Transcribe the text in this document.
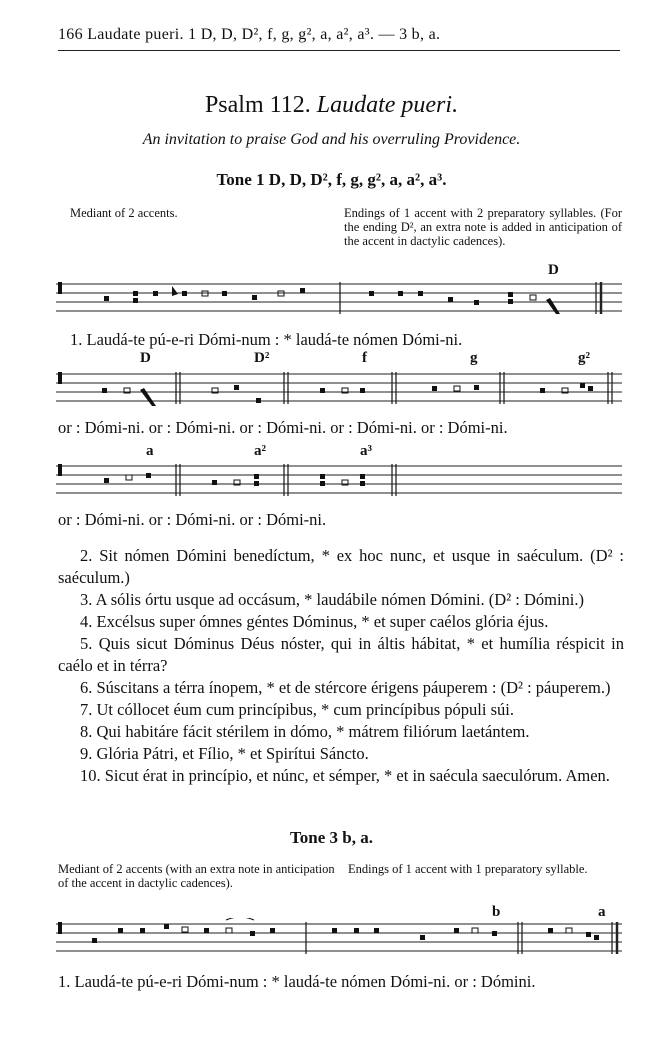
166 Laudate pueri. 1 D, D, D², f, g, g², a, a², a³. — 3 b, a.
Psalm 112. Laudate pueri.
An invitation to praise God and his overruling Providence.
Tone 1 D, D, D², f, g, g², a, a², a³.
Mediant of 2 accents.	Endings of 1 accent with 2 preparatory syllables. (For the ending D², an extra note is added in anticipation of the accent in dactylic cadences).
D
1. Laudá-te pú-e-ri Dómi-num : * laudá-te nómen Dómi-ni.
D	D²	f	g	g²
or : Dómi-ni. or : Dómi-ni. or : Dómi-ni. or : Dómi-ni. or : Dómi-ni.
a	a²	a³
or : Dómi-ni. or : Dómi-ni. or : Dómi-ni.

2. Sit nómen Dómini benedíctum, * ex hoc nunc, et usque in saéculum. (D² : saéculum.)

3. A sólis órtu usque ad occásum, * laudábile nómen Dómini. (D² : Dómini.)

4. Excélsus super ómnes géntes Dóminus, * et super caélos glória éjus.

5. Quis sicut Dóminus Déus nóster, qui in áltis hábitat, * et humília réspicit in caélo et in térra?

6. Súscitans a térra ínopem, * et de stércore érigens páuperem : (D² : páuperem.)

7. Ut cóllocet éum cum princípibus, * cum princípibus pópuli súi.

8. Qui habitáre fácit stérilem in dómo, * mátrem filiórum laetántem.

9. Glória Pátri, et Fílio, * et Spirítui Sáncto.

10. Sicut érat in princípio, et núnc, et sémper, * et in saécula saeculórum. Amen.

Tone 3 b, a.
Mediant of 2 accents (with an extra note in anticipation of the accent in dactylic cadences).
Endings of 1 accent with 1 preparatory syllable.
b	a
1. Laudá-te pú-e-ri Dómi-num : * laudá-te nómen Dómi-ni. or : Dómini.
